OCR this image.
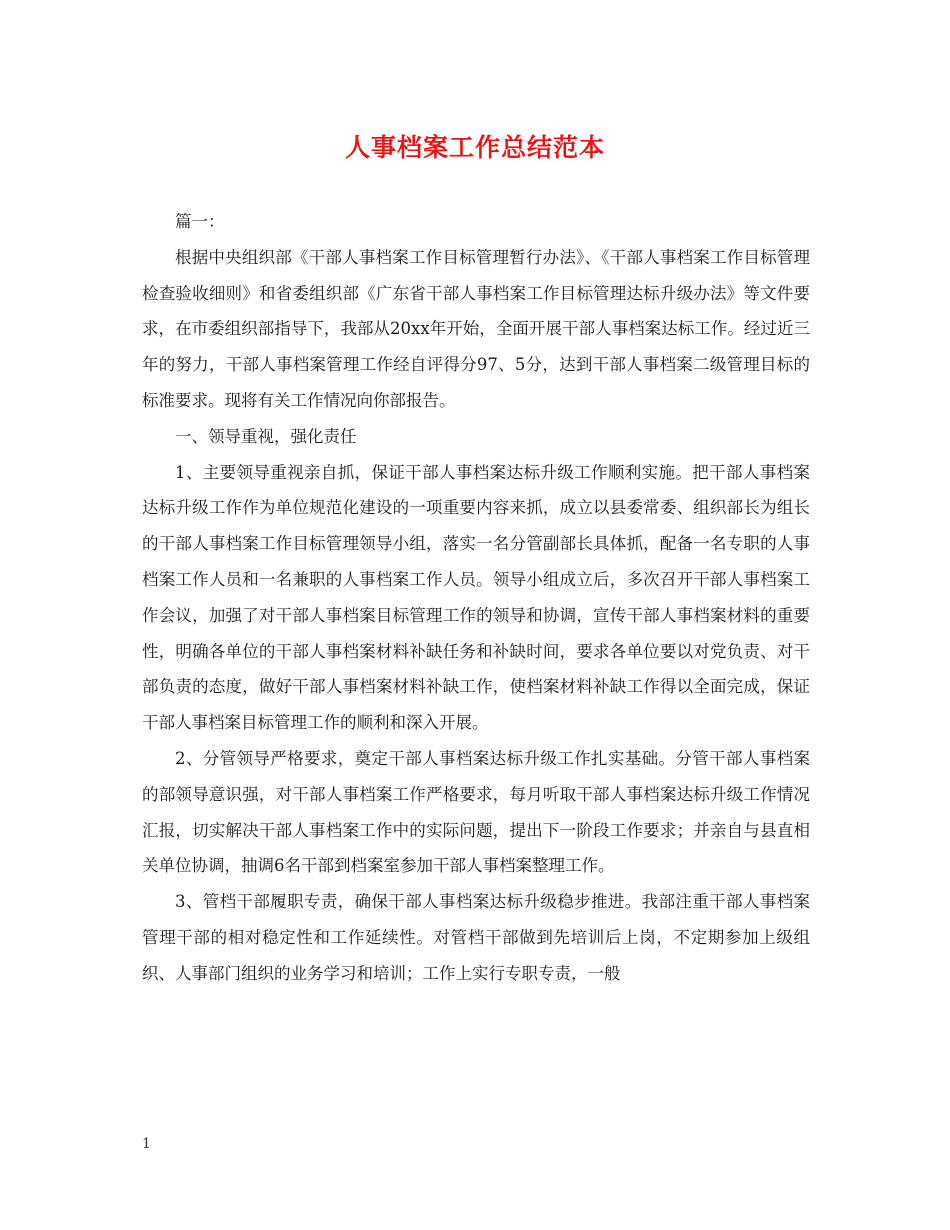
人事档案工作总结范本

篇一：

根据中央组织部《干部人事档案工作目标管理暂行办法》、《干部人事档案工作目标管理检查验收细则》和省委组织部《广东省干部人事档案工作目标管理达标升级办法》等文件要求，在市委组织部指导下，我部从20xx年开始，全面开展干部人事档案达标工作。经过近三年的努力，干部人事档案管理工作经自评得分97、5分，达到干部人事档案二级管理目标的标准要求。现将有关工作情况向你部报告。

一、领导重视，强化责任

1、主要领导重视亲自抓，保证干部人事档案达标升级工作顺利实施。把干部人事档案达标升级工作作为单位规范化建设的一项重要内容来抓，成立以县委常委、组织部长为组长的干部人事档案工作目标管理领导小组，落实一名分管副部长具体抓，配备一名专职的人事档案工作人员和一名兼职的人事档案工作人员。领导小组成立后，多次召开干部人事档案工作会议，加强了对干部人事档案目标管理工作的领导和协调，宣传干部人事档案材料的重要性，明确各单位的干部人事档案材料补缺任务和补缺时间，要求各单位要以对党负责、对干部负责的态度，做好干部人事档案材料补缺工作，使档案材料补缺工作得以全面完成，保证干部人事档案目标管理工作的顺利和深入开展。

2、分管领导严格要求，奠定干部人事档案达标升级工作扎实基础。分管干部人事档案的部领导意识强，对干部人事档案工作严格要求，每月听取干部人事档案达标升级工作情况汇报，切实解决干部人事档案工作中的实际问题，提出下一阶段工作要求；并亲自与县直相关单位协调，抽调6名干部到档案室参加干部人事档案整理工作。

3、管档干部履职专责，确保干部人事档案达标升级稳步推进。我部注重干部人事档案管理干部的相对稳定性和工作延续性。对管档干部做到先培训后上岗，不定期参加上级组织、人事部门组织的业务学习和培训；工作上实行专职专责，一般

1
